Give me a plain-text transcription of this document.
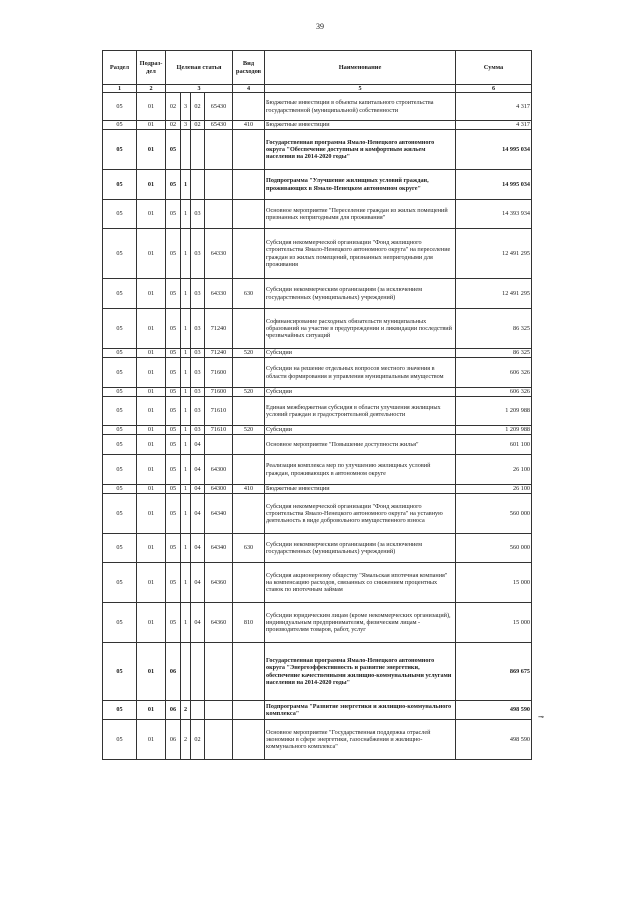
39
Раздел	Подраз-дел	Целевая статья				Вид расходов	Наименование	Сумма
1	2	3				4	5	6
05	01	02	3	02	65430		Бюджетные инвестиции в объекты капитального строительства государственной (муниципальной) собственности	4 317
05	01	02	3	02	65430	410	Бюджетные инвестиции	4 317
05	01	05					Государственная программа Ямало-Ненецкого автономного округа "Обеспечение доступным и комфортным жильем населения на 2014-2020 годы"	14 995 034
05	01	05	1				Подпрограмма "Улучшение жилищных условий граждан, проживающих в Ямало-Ненецком автономном округе"	14 995 034
05	01	05	1	03			Основное мероприятие "Переселение граждан из жилых помещений признанных непригодными для проживания"	14 393 934
05	01	05	1	03	64330		Субсидия некоммерческой организации "Фонд жилищного строительства Ямало-Ненецкого автономного округа" на переселение граждан из жилых помещений, признанных непригодными для проживания	12 491 295
05	01	05	1	03	64330	630	Субсидии некоммерческим организациям (за исключением государственных (муниципальных) учреждений)	12 491 295
05	01	05	1	03	71240		Софинансирование расходных обязательств муниципальных образований на участие в предупреждении и ликвидации последствий чрезвычайных ситуаций	86 325
05	01	05	1	03	71240	520	Субсидии	86 325
05	01	05	1	03	71600		Субсидии на решение отдельных вопросов местного значения в области формирования и управления муниципальным имуществом	606 326
05	01	05	1	03	71600	520	Субсидии	606 326
05	01	05	1	03	71610		Единая межбюджетная субсидия в области улучшения жилищных условий граждан и градостроительной деятельности	1 209 988
05	01	05	1	03	71610	520	Субсидии	1 209 988
05	01	05	1	04			Основное мероприятие "Повышение доступности жилья"	601 100
05	01	05	1	04	64300		Реализация комплекса мер по улучшению жилищных условий граждан, проживающих в автономном округе	26 100
05	01	05	1	04	64300	410	Бюджетные инвестиции	26 100
05	01	05	1	04	64340		Субсидия некоммерческой организации "Фонд жилищного строительства Ямало-Ненецкого автономного округа" на уставную деятельность в виде добровольного имущественного взноса	560 000
05	01	05	1	04	64340	630	Субсидии некоммерческим организациям (за исключением государственных (муниципальных) учреждений)	560 000
05	01	05	1	04	64360		Субсидия акционерному обществу "Ямальская ипотечная компания" на компенсацию расходов, связанных со снижением процентных ставок по ипотечным займам	15 000
05	01	05	1	04	64360	810	Субсидии юридическим лицам (кроме некоммерческих организаций), индивидуальным предпринимателям, физическим лицам - производителям товаров, работ, услуг	15 000
05	01	06					Государственная программа Ямало-Ненецкого автономного округа "Энергоэффективность и развитие энергетики, обеспечение качественными жилищно-коммунальными услугами населения на 2014-2020 годы"	869 675
05	01	06	2				Подпрограмма "Развитие энергетики и жилищно-коммунального комплекса"	498 590
05	01	06	2	02			Основное мероприятие "Государственная поддержка отраслей экономики в сфере энергетики, газоснабжения и жилищно-коммунального комплекса"	498 590
⊸
